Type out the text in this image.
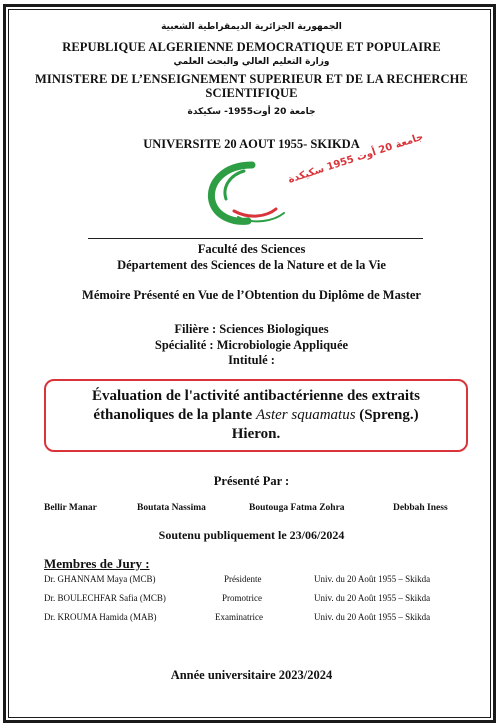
الجمهورية الجزائرية الديمقراطية الشعبية
REPUBLIQUE ALGERIENNE DEMOCRATIQUE ET POPULAIRE
وزارة التعليم العالي والبحث العلمي
MINISTERE DE L’ENSEIGNEMENT SUPERIEUR ET DE LA RECHERCHE
SCIENTIFIQUE
جامعة 20 أوت1955- سكيكدة
UNIVERSITE 20 AOUT 1955- SKIKDA
جامعة 20 أوت 1955 سكيكدة
Faculté des Sciences
Département des Sciences de la Nature et de la Vie
Mémoire Présenté en Vue de l’Obtention du Diplôme de Master
Filière : Sciences Biologiques
Spécialité : Microbiologie Appliquée
Intitulé :
Évaluation de l'activité antibactérienne des extraits
éthanoliques de la plante Aster squamatus (Spreng.)
Hieron.
Présenté Par :
Bellir Manar	Boutata Nassima	Boutouga Fatma Zohra	Debbah Iness
Soutenu publiquement le 23/06/2024
Membres de Jury :
Dr. GHANNAM Maya (MCB)	Présidente	Univ. du 20 Août 1955 – Skikda
Dr. BOULECHFAR Safia (MCB)	Promotrice	Univ. du 20 Août 1955 – Skikda
Dr. KROUMA Hamida (MAB)	Examinatrice	Univ. du 20 Août 1955 – Skikda
Année universitaire 2023/2024
